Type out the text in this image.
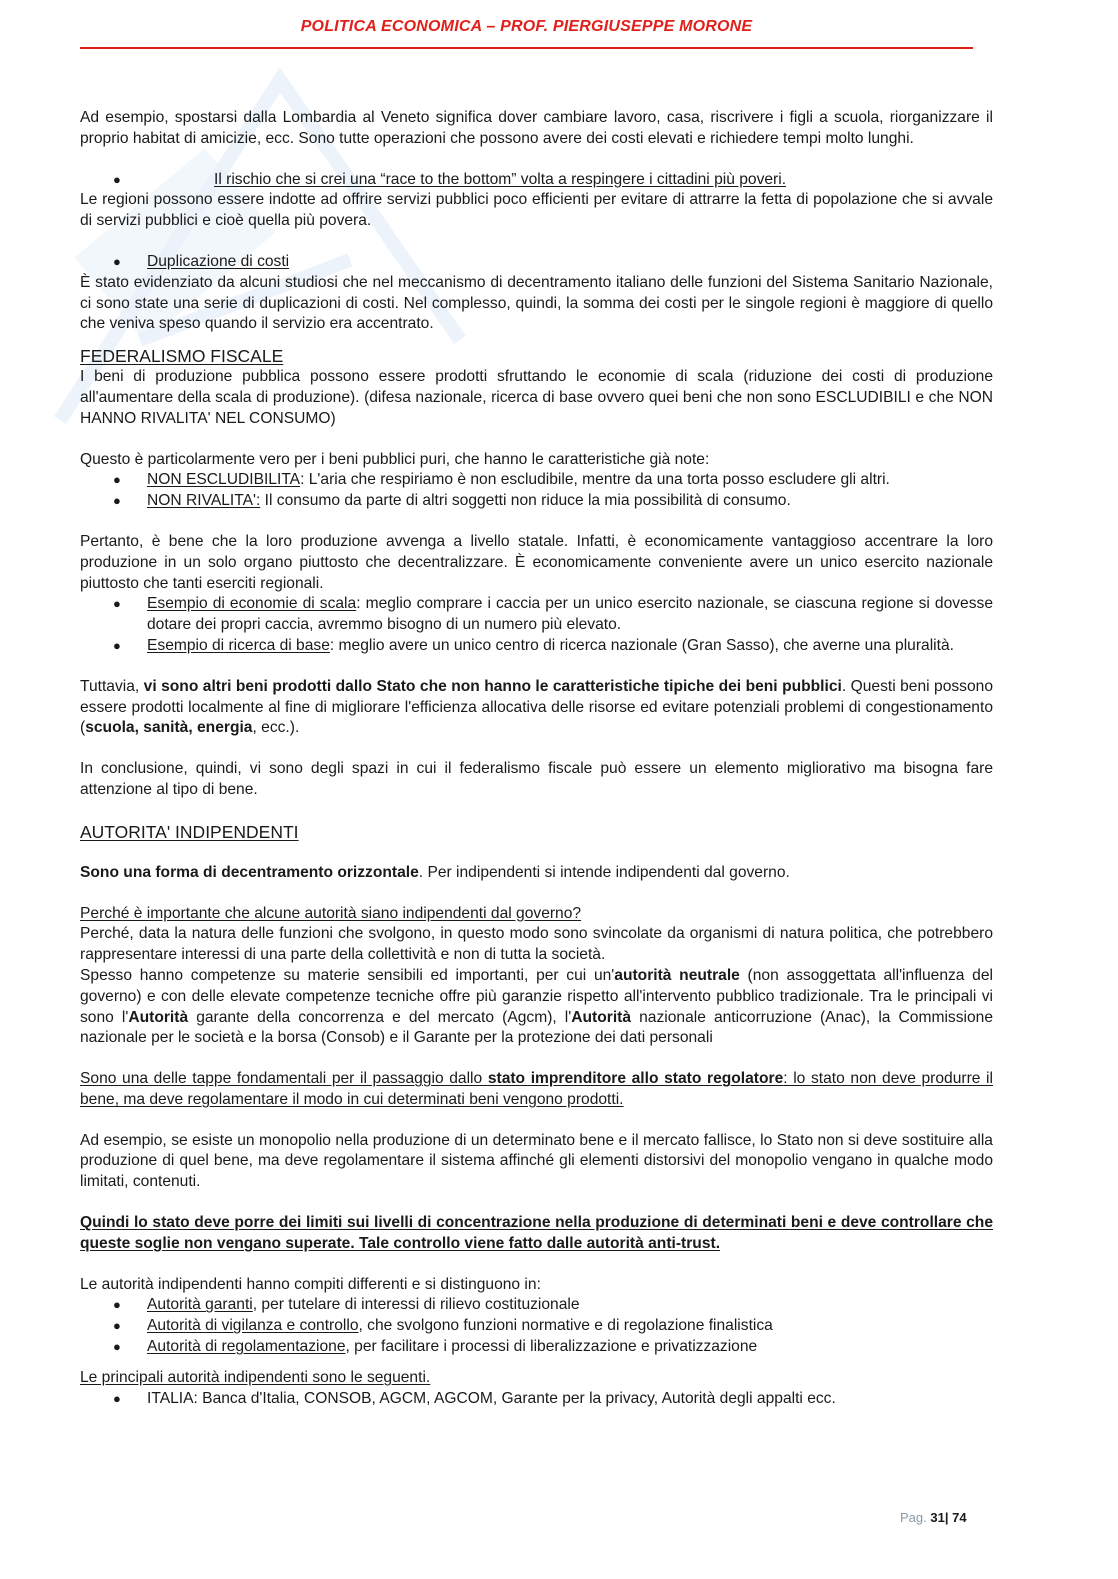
POLITICA ECONOMICA – PROF. PIERGIUSEPPE MORONE

Ad esempio, spostarsi dalla Lombardia al Veneto significa dover cambiare lavoro, casa, riscrivere i figli a scuola, riorganizzare il proprio habitat di amicizie, ecc. Sono tutte operazioni che possono avere dei costi elevati e richiedere tempi molto lunghi.

● Il rischio che si crei una “race to the bottom” volta a respingere i cittadini più poveri.

Le regioni possono essere indotte ad offrire servizi pubblici poco efficienti per evitare di attrarre la fetta di popolazione che si avvale di servizi pubblici e cioè quella più povera.

● Duplicazione di costi

È stato evidenziato da alcuni studiosi che nel meccanismo di decentramento italiano delle funzioni del Sistema Sanitario Nazionale, ci sono state una serie di duplicazioni di costi. Nel complesso, quindi, la somma dei costi per le singole regioni è maggiore di quello che veniva speso quando il servizio era accentrato.

FEDERALISMO FISCALE

I beni di produzione pubblica possono essere prodotti sfruttando le economie di scala (riduzione dei costi di produzione all'aumentare della scala di produzione). (difesa nazionale, ricerca di base ovvero quei beni che non sono ESCLUDIBILI e che NON HANNO RIVALITA' NEL CONSUMO)

Questo è particolarmente vero per i beni pubblici puri, che hanno le caratteristiche già note:

● NON ESCLUDIBILITA: L'aria che respiriamo è non escludibile, mentre da una torta posso escludere gli altri.
● NON RIVALITA': Il consumo da parte di altri soggetti non riduce la mia possibilità di consumo.

Pertanto, è bene che la loro produzione avvenga a livello statale. Infatti, è economicamente vantaggioso accentrare la loro produzione in un solo organo piuttosto che decentralizzare. È economicamente conveniente avere un unico esercito nazionale piuttosto che tanti eserciti regionali.

● Esempio di economie di scala: meglio comprare i caccia per un unico esercito nazionale, se ciascuna regione si dovesse dotare dei propri caccia, avremmo bisogno di un numero più elevato.
● Esempio di ricerca di base: meglio avere un unico centro di ricerca nazionale (Gran Sasso), che averne una pluralità.

Tuttavia, vi sono altri beni prodotti dallo Stato che non hanno le caratteristiche tipiche dei beni pubblici. Questi beni possono essere prodotti localmente al fine di migliorare l'efficienza allocativa delle risorse ed evitare potenziali problemi di congestionamento (scuola, sanità, energia, ecc.).

In conclusione, quindi, vi sono degli spazi in cui il federalismo fiscale può essere un elemento migliorativo ma bisogna fare attenzione al tipo di bene.

AUTORITA' INDIPENDENTI

Sono una forma di decentramento orizzontale. Per indipendenti si intende indipendenti dal governo.

Perché è importante che alcune autorità siano indipendenti dal governo?

Perché, data la natura delle funzioni che svolgono, in questo modo sono svincolate da organismi di natura politica, che potrebbero rappresentare interessi di una parte della collettività e non di tutta la società.

Spesso hanno competenze su materie sensibili ed importanti, per cui un'autorità neutrale (non assoggettata all'influenza del governo) e con delle elevate competenze tecniche offre più garanzie rispetto all'intervento pubblico tradizionale. Tra le principali vi sono l'Autorità garante della concorrenza e del mercato (Agcm), l'Autorità nazionale anticorruzione (Anac), la Commissione nazionale per le società e la borsa (Consob) e il Garante per la protezione dei dati personali

Sono una delle tappe fondamentali per il passaggio dallo stato imprenditore allo stato regolatore: lo stato non deve produrre il bene, ma deve regolamentare il modo in cui determinati beni vengono prodotti.

Ad esempio, se esiste un monopolio nella produzione di un determinato bene e il mercato fallisce, lo Stato non si deve sostituire alla produzione di quel bene, ma deve regolamentare il sistema affinché gli elementi distorsivi del monopolio vengano in qualche modo limitati, contenuti.

Quindi lo stato deve porre dei limiti sui livelli di concentrazione nella produzione di determinati beni e deve controllare che queste soglie non vengano superate. Tale controllo viene fatto dalle autorità anti-trust.

Le autorità indipendenti hanno compiti differenti e si distinguono in:

● Autorità garanti, per tutelare di interessi di rilievo costituzionale
● Autorità di vigilanza e controllo, che svolgono funzioni normative e di regolazione finalistica
● Autorità di regolamentazione, per facilitare i processi di liberalizzazione e privatizzazione

Le principali autorità indipendenti sono le seguenti.

● ITALIA: Banca d'Italia, CONSOB, AGCM, AGCOM, Garante per la privacy, Autorità degli appalti ecc.
Pag. 31| 74
